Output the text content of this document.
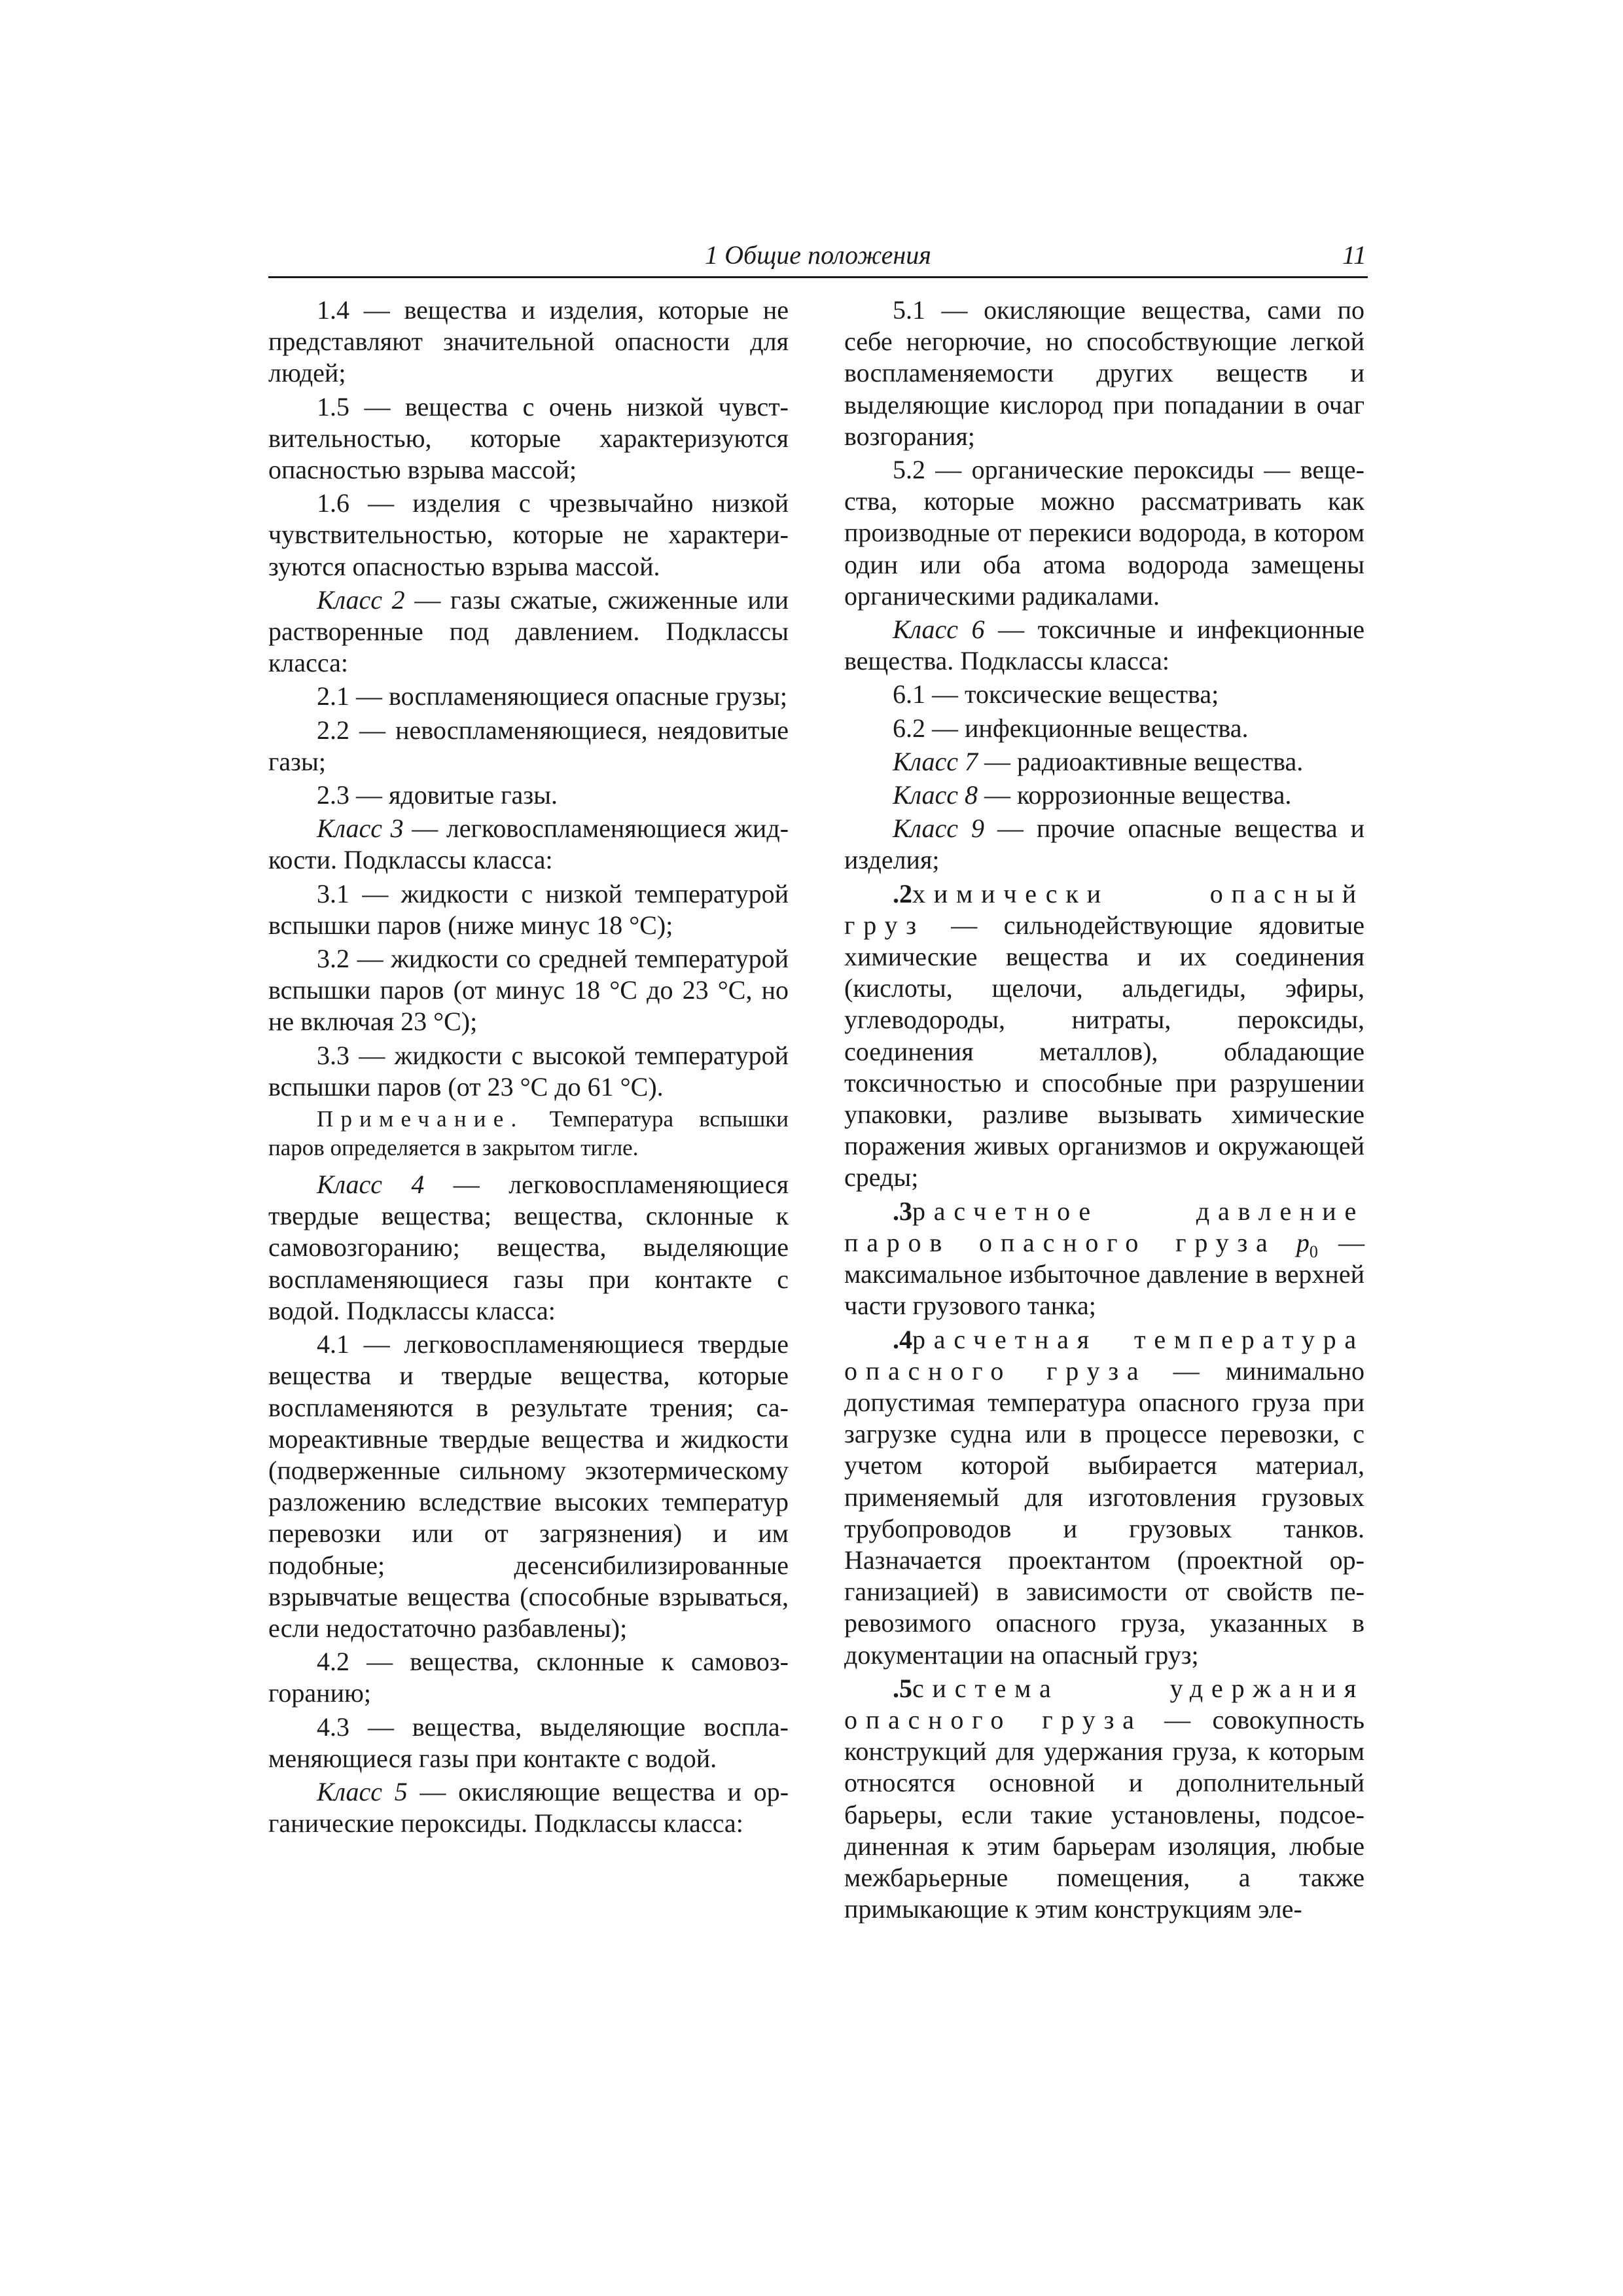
1 Общие положения	11

1.4 — вещества и изделия, которые не представляют значительной опасности для людей;

1.5 — вещества с очень низкой чувствительностью, которые характеризуются опасностью взрыва массой;

1.6 — изделия с чрезвычайно низкой чувствительностью, которые не характеризуются опасностью взрыва массой.

Класс 2 — газы сжатые, сжиженные или растворенные под давлением. Подклассы класса:

2.1 — воспламеняющиеся опасные грузы;

2.2 — невоспламеняющиеся, неядовитые газы;

2.3 — ядовитые газы.

Класс 3 — легковоспламеняющиеся жидкости. Подклассы класса:

3.1 — жидкости с низкой температурой вспышки паров (ниже минус 18 °С);

3.2 — жидкости со средней температурой вспышки паров (от минус 18 °С до 23 °С, но не включая 23 °С);

3.3 — жидкости с высокой температурой вспышки паров (от 23 °С до 61 °С).

Примечание. Температура вспышки паров определяется в закрытом тигле.

Класс 4 — легковоспламеняющиеся твердые вещества; вещества, склонные к самовозгоранию; вещества, выделяющие воспламеняющиеся газы при контакте с водой. Подклассы класса:

4.1 — легковоспламеняющиеся твердые вещества и твердые вещества, которые воспламеняются в результате трения; самореактивные твердые вещества и жидкости (подверженные сильному экзотермическому разложению вследствие высоких температур перевозки или от загрязнения) и им подобные; десенсибилизированные взрывчатые вещества (способные взрываться, если недостаточно разбавлены);

4.2 — вещества, склонные к самовозгоранию;

4.3 — вещества, выделяющие воспламеняющиеся газы при контакте с водой.

Класс 5 — окисляющие вещества и органические пероксиды. Подклассы класса:

5.1 — окисляющие вещества, сами по себе негорючие, но способствующие легкой воспламеняемости других веществ и выделяющие кислород при попадании в очаг возгорания;

5.2 — органические пероксиды — вещества, которые можно рассматривать как производные от перекиси водорода, в котором один или оба атома водорода замещены органическими радикалами.

Класс 6 — токсичные и инфекционные вещества. Подклассы класса:

6.1 — токсические вещества;

6.2 — инфекционные вещества.

Класс 7 — радиоактивные вещества.

Класс 8 — коррозионные вещества.

Класс 9 — прочие опасные вещества и изделия;

.2химически опасный груз — сильнодействующие ядовитые химические вещества и их соединения (кислоты, щелочи, альдегиды, эфиры, углеводороды, нитраты, пероксиды, соединения металлов), обладающие токсичностью и способные при разрушении упаковки, разливе вызывать химические поражения живых организмов и окружающей среды;

.3расчетное давление паров опасного груза $p_0$ — максимальное избыточное давление в верхней части грузового танка;

.4расчетная температура опасного груза — минимально допустимая температура опасного груза при загрузке судна или в процессе перевозки, с учетом которой выбирается материал, применяемый для изготовления грузовых трубопроводов и грузовых танков. Назначается проектантом (проектной организацией) в зависимости от свойств перевозимого опасного груза, указанных в документации на опасный груз;

.5система удержания опасного груза — совокупность конструкций для удержания груза, к которым относятся основной и дополнительный барьеры, если такие установлены, подсоединенная к этим барьерам изоляция, любые межбарьерные помещения, а также примыкающие к этим конструкциям эле-
